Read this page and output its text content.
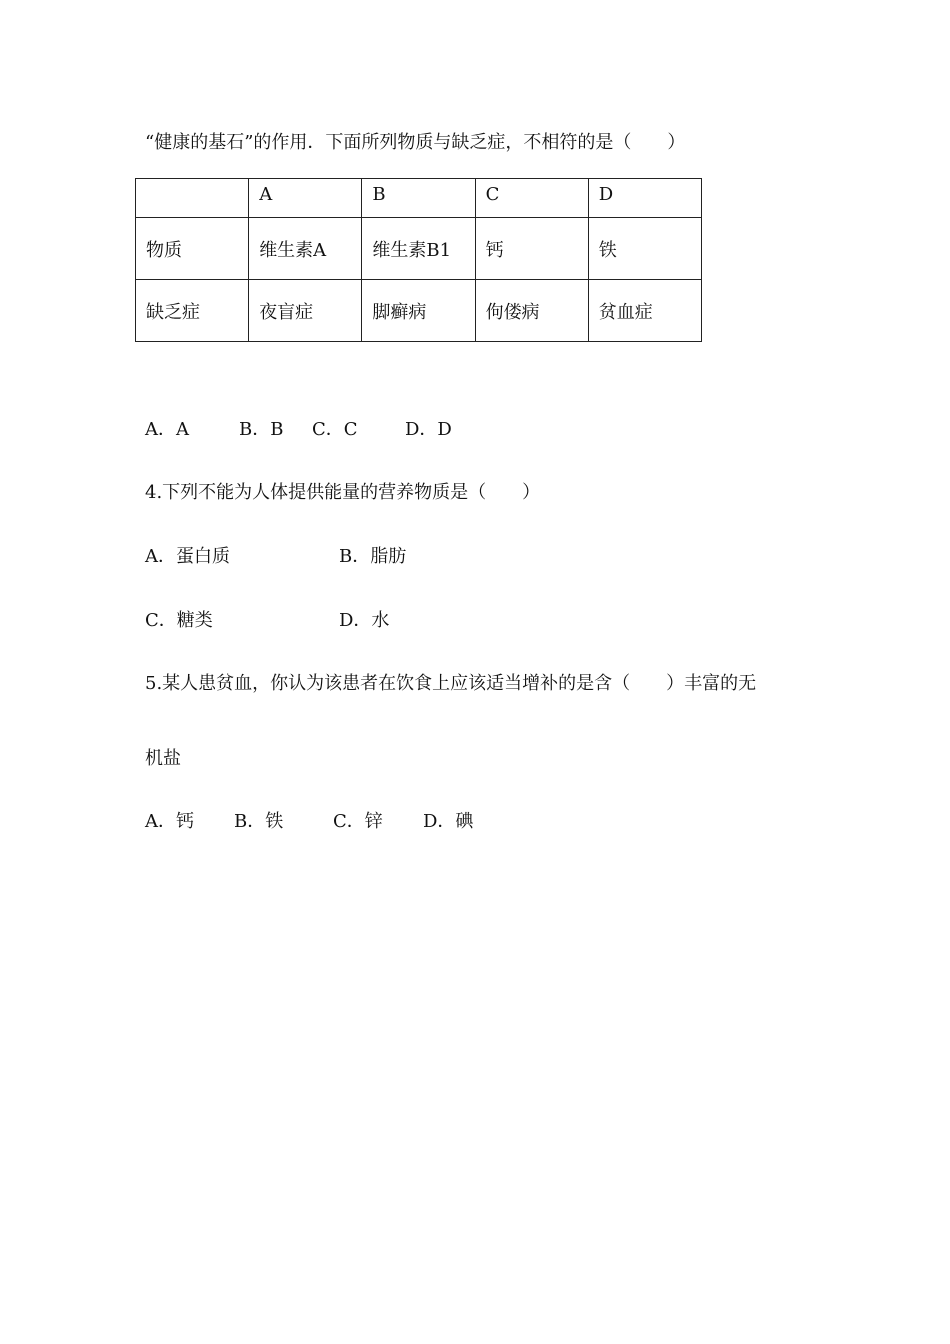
“健康的基石”的作用．下面所列物质与缺乏症，不相符的是（　　）
	A	B	C	D
物质	维生素A	维生素B1	钙	铁
缺乏症	夜盲症	脚癣病	佝偻病	贫血症
A．A	B．B C．C	D．D
4.下列不能为人体提供能量的营养物质是（　　）
A．蛋白质	B．脂肪
C．糖类	D．水
5.某人患贫血，你认为该患者在饮食上应该适当增补的是含（　　）丰富的无
机盐
A．钙 B．铁	C．锌 D．碘
